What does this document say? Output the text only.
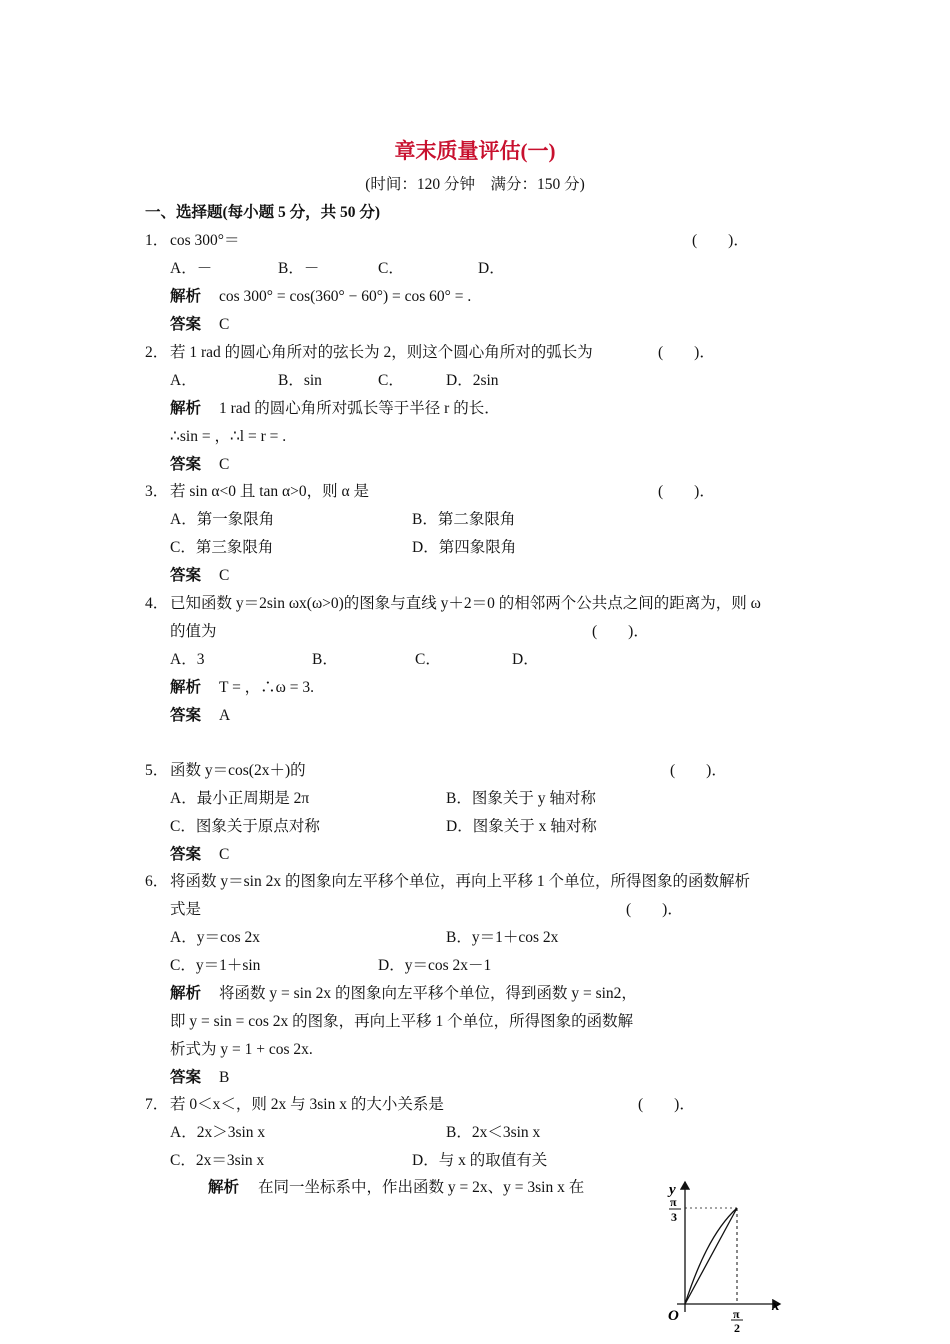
章末质量评估(一)
(时间：120 分钟　满分：150 分)
一、选择题(每小题 5 分，共 50 分)
1． cos 300°＝	(　　)．
A．－	B．－	C．	D．
解析 cos 300° = cos(360° − 60°) = cos 60° = .
答案 C
2． 若 1 rad 的圆心角所对的弦长为 2，则这个圆心角所对的弧长为	(　　)．
A．	B．sin	C．	D．2sin
解析 1 rad 的圆心角所对弧长等于半径 r 的长．
∴sin = ，∴l = r = .
答案 C
3． 若 sin α<0 且 tan α>0，则 α 是	(　　)．
A．第一象限角	B．第二象限角
C．第三象限角	D．第四象限角
答案 C
4． 已知函数 y＝2sin ωx(ω>0)的图象与直线 y＋2＝0 的相邻两个公共点之间的距离为，则 ω
的值为	(　　)．
A．3	B．	C．	D．
解析 T = ，∴ω = 3.
答案 A
5． 函数 y＝cos(2x＋)的	(　　)．
A．最小正周期是 2π	B．图象关于 y 轴对称
C．图象关于原点对称	D．图象关于 x 轴对称
答案 C
6． 将函数 y＝sin 2x 的图象向左平移个单位，再向上平移 1 个单位，所得图象的函数解析
式是	(　　)．
A．y＝cos 2x	B．y＝1＋cos 2x
C．y＝1＋sin	D．y＝cos 2x－1
解析 将函数 y = sin 2x 的图象向左平移个单位，得到函数 y = sin2，
即 y = sin = cos 2x 的图象，再向上平移 1 个单位，所得图象的函数解
析式为 y = 1 + cos 2x.
答案 B
7． 若 0＜x＜，则 2x 与 3sin x 的大小关系是	(　　)．
A．2x＞3sin x	B．2x＜3sin x
C．2x＝3sin x	D．与 x 的取值有关
解析 在同一坐标系中，作出函数 y = 2x、y = 3sin x 在	y
x
O
π
3
π
2
